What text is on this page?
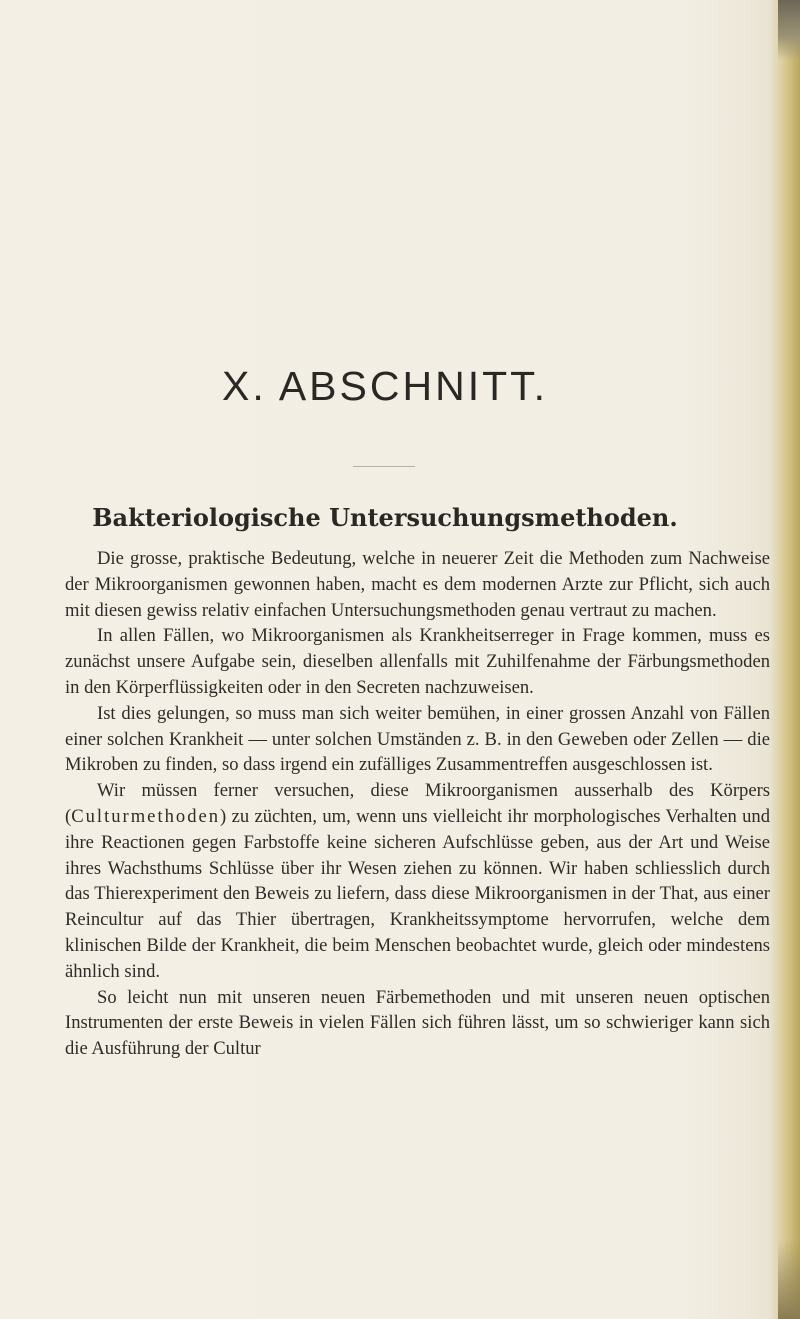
X. ABSCHNITT.
Bakteriologische Untersuchungsmethoden.

Die grosse, praktische Bedeutung, welche in neuerer Zeit die Methoden zum Nachweise der Mikroorganismen gewonnen haben, macht es dem modernen Arzte zur Pflicht, sich auch mit diesen gewiss relativ einfachen Untersuchungsmethoden genau vertraut zu machen.

In allen Fällen, wo Mikroorganismen als Krankheitserreger in Frage kommen, muss es zunächst unsere Aufgabe sein, dieselben allenfalls mit Zuhilfenahme der Färbungsmethoden in den Körperflüssigkeiten oder in den Secreten nachzuweisen.

Ist dies gelungen, so muss man sich weiter bemühen, in einer grossen Anzahl von Fällen einer solchen Krankheit — unter solchen Umständen z. B. in den Geweben oder Zellen — die Mikroben zu finden, so dass irgend ein zufälliges Zusammentreffen ausgeschlossen ist.

Wir müssen ferner versuchen, diese Mikroorganismen ausserhalb des Körpers (Culturmethoden) zu züchten, um, wenn uns vielleicht ihr morphologisches Verhalten und ihre Reactionen gegen Farbstoffe keine sicheren Aufschlüsse geben, aus der Art und Weise ihres Wachsthums Schlüsse über ihr Wesen ziehen zu können. Wir haben schliesslich durch das Thierexperiment den Beweis zu liefern, dass diese Mikroorganismen in der That, aus einer Reincultur auf das Thier übertragen, Krankheitssymptome hervorrufen, welche dem klinischen Bilde der Krankheit, die beim Menschen beobachtet wurde, gleich oder mindestens ähnlich sind.

So leicht nun mit unseren neuen Färbemethoden und mit unseren neuen optischen Instrumenten der erste Beweis in vielen Fällen sich führen lässt, um so schwieriger kann sich die Ausführung der Cultur
